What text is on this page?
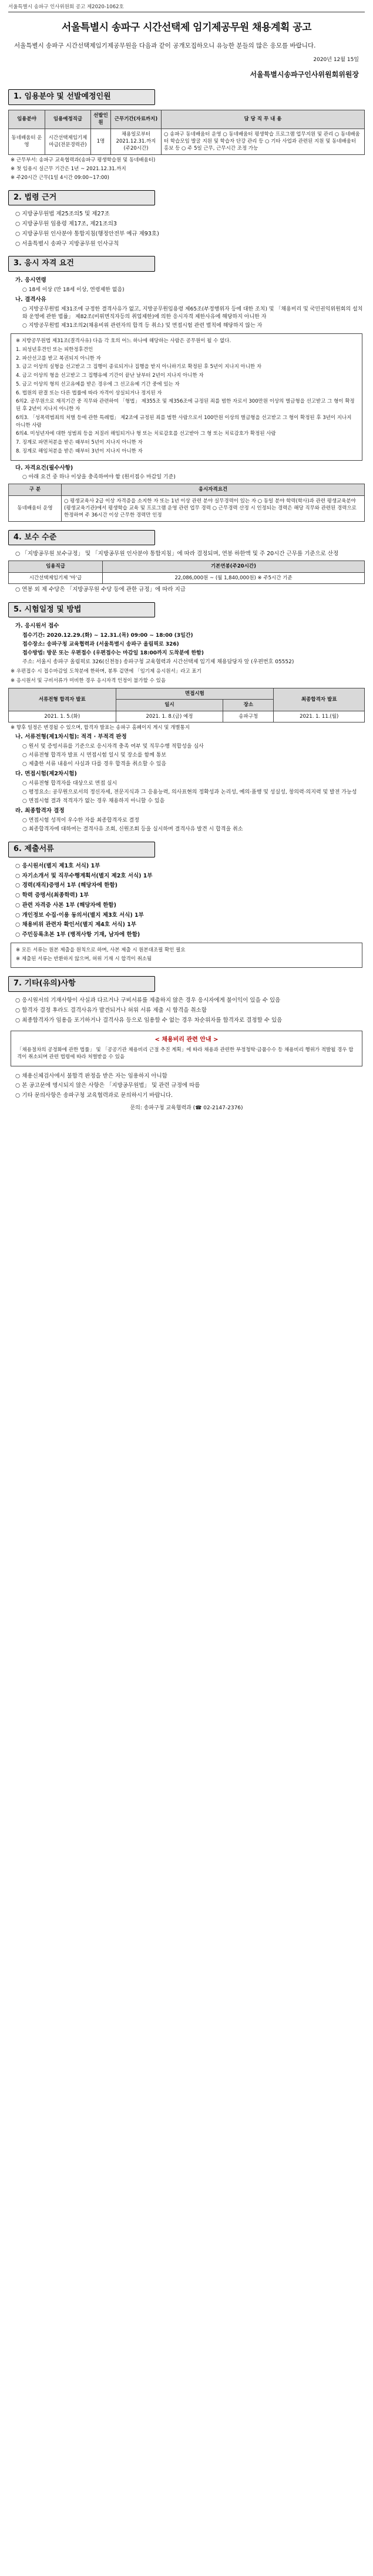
서울특별시 송파구 인사위원회 공고 제2020-1062호
서울특별시 송파구 시간선택제 임기제공무원 채용계획 공고
서울특별시 송파구 시간선택제임기제공무원을 다음과 같이 공개모집하오니 유능한 분들의 많은 응모를 바랍니다.
2020년 12월 15일
서울특별시송파구인사위원회위원장
1. 임용분야 및 선발예정인원
임용분야	임용예정직급	선발인원	근무기간(자료까지)	담 당 직 무 내 용
동네배움터 운영	시간선택제임기제 마급(전문경력관)	1명	채용일로부터 2021.12.31.까지(주20시간)	○ 송파구 동네배움터 운영 ○ 동네배움터 평생학습 프로그램 업무지원 및 관리 ○ 동네배움터 학습모임 발굴 지원 및 학습자 단강 관리 등 ○ 기타 사업과 관련된 지원 및 동네배움터 홍보 등 ○ 주 5일 근무, 근무시간 조정 가능
※ 근무부서: 송파구 교육협력과(송파구 평생학습원 및 동네배움터)
※ 첫 임용시 실근무 기간은 1년 ~ 2021.12.31.까지
※ 주20시간 근무(1일 4시간 09:00~17:00)
2. 법령 근거
○ 지방공무원법 제25조의5 및 제27조
○ 지방공무원 임용령 제17조, 제21조의3
○ 지방공무원 인사분야 통합지침(행정안전부 예규 제93호)
○ 서울특별시 송파구 지방공무원 인사규칙
3. 응시 자격 요건
가. 응시연령
○ 18세 이상 (만 18세 이상, 연령제한 없음)
나. 결격사유
○ 지방공무원법 제31조에 규정한 결격사유가 없고, 지방공무원임용령 제65조(부정행위자 등에 대한 조치) 및 「채용비리 및 국민권익위원회의 설치와 운영에 관한 법률」 제82조(비위면직자등의 취업제한)에 의한 응시자격 제한사유에 해당하지 아니한 자
○ 지방공무원법 제31조의2(채용비위 관련자의 합격 등 취소) 및 면접시험 관련 벌칙에 해당하지 않는 자

※ 지방공무원법 제31조(결격사유) 다음 각 호의 어느 하나에 해당하는 사람은 공무원이 될 수 없다.

1. 피성년후견인 또는 피한정후견인

2. 파산선고를 받고 복권되지 아니한 자

3. 금고 이상의 실형을 선고받고 그 집행이 종료되거나 집행을 받지 아니하기로 확정된 후 5년이 지나지 아니한 자

4. 금고 이상의 형을 선고받고 그 집행유예 기간이 끝난 날부터 2년이 지나지 아니한 자

5. 금고 이상의 형의 선고유예를 받은 경우에 그 선고유예 기간 중에 있는 자

6. 법원의 판결 또는 다른 법률에 따라 자격이 상실되거나 정지된 자

6의2. 공무원으로 재직기간 중 직무와 관련하여 「형법」 제355조 및 제356조에 규정된 죄를 범한 자로서 300만원 이상의 벌금형을 선고받고 그 형이 확정된 후 2년이 지나지 아니한 자

6의3. 「성폭력범죄의 처벌 등에 관한 특례법」 제2조에 규정된 죄를 범한 사람으로서 100만원 이상의 벌금형을 선고받고 그 형이 확정된 후 3년이 지나지 아니한 사람

6의4. 미성년자에 대한 성범죄 등을 저질러 해임되거나 형 또는 치료감호를 선고받아 그 형 또는 치료감호가 확정된 사람

7. 징계로 파면처분을 받은 때부터 5년이 지나지 아니한 자

8. 징계로 해임처분을 받은 때부터 3년이 지나지 아니한 자

다. 자격요건(필수사항)
○ 아래 요건 중 하나 이상을 충족하여야 함 (원서접수 마감일 기준)
구 분	응시자격요건
동네배움터 운영	○ 평생교육사 2급 이상 자격증을 소지한 자 또는 1년 이상 관련 분야 실무경력이 있는 자 ○ 동일 분야 학력(학사)과 관련 평생교육분야(평생교육기관)에서 평생학습 교육 및 프로그램 운영 관련 업무 경력 ○ 근무경력 산정 시 인정되는 경력은 해당 직무와 관련된 경력으로 한정하며 주 36시간 이상 근무한 경력만 인정
4. 보수 수준
○ 「지방공무원 보수규정」 및 「지방공무원 인사분야 통합지침」에 따라 결정되며, 연봉 하한액 및 주 20시간 근무를 기준으로 산정
임용직급	기본연봉(주20시간)
시간선택제임기제 '마'급	22,086,000원 ~ (월 1,840,000원) ※ 주5시간 기준
○ 연봉 외 제 수당은 「지방공무원 수당 등에 관한 규정」에 따라 지급
5. 시험일정 및 방법
가. 응시원서 접수
접수기간: 2020.12.29.(화) ~ 12.31.(목) 09:00 ~ 18:00 (3일간)
접수장소: 송파구청 교육협력과 (서울특별시 송파구 올림픽로 326)
접수방법: 방문 또는 우편접수 (우편접수는 마감일 18:00까지 도착분에 한함)
주소: 서울시 송파구 올림픽로 326(신천동) 송파구청 교육협력과 시간선택제 임기제 채용담당자 앞 (우편번호 05552)
※ 우편접수 시 접수마감일 도착분에 한하며, 봉투 겉면에 「임기제 응시원서」라고 표기
※ 응시원서 및 구비서류가 미비한 경우 응시자격 인정이 불가할 수 있음
서류전형 합격자 발표	면접시험		최종합격자 발표
	일시	장소	
2021. 1. 5.(화)	2021. 1. 8.(금) 예정	송파구청	2021. 1. 11.(월)
※ 향후 일정은 변경될 수 있으며, 합격자 발표는 송파구 홈페이지 게시 및 개별통지
나. 서류전형(제1차시험): 적격 · 부적격 판정
○ 원서 및 증빙서류를 기준으로 응시자격 충족 여부 및 직무수행 적합성을 심사
○ 서류전형 합격자 발표 시 면접시험 일시 및 장소를 함께 통보
○ 제출한 서류 내용이 사실과 다를 경우 합격을 취소할 수 있음
다. 면접시험(제2차시험)
○ 서류전형 합격자를 대상으로 면접 실시
○ 평정요소: 공무원으로서의 정신자세, 전문지식과 그 응용능력, 의사표현의 정확성과 논리성, 예의·품행 및 성실성, 창의력·의지력 및 발전 가능성
○ 면접시험 결과 적격자가 없는 경우 채용하지 아니할 수 있음
라. 최종합격자 결정
○ 면접시험 성적이 우수한 자를 최종합격자로 결정
○ 최종합격자에 대하여는 결격사유 조회, 신원조회 등을 실시하며 결격사유 발견 시 합격을 취소
6. 제출서류
○ 응시원서(별지 제1호 서식) 1부
○ 자기소개서 및 직무수행계획서(별지 제2호 서식) 1부
○ 경력(재직)증명서 1부 (해당자에 한함)
○ 학력 증명서(최종학력) 1부
○ 관련 자격증 사본 1부 (해당자에 한함)
○ 개인정보 수집·이용 동의서(별지 제3호 서식) 1부
○ 채용비위 관련자 확인서(별지 제4호 서식) 1부
○ 주민등록초본 1부 (병적사항 기재, 남자에 한함)

※ 모든 서류는 원본 제출을 원칙으로 하며, 사본 제출 시 원본대조필 확인 필요

※ 제출된 서류는 반환하지 않으며, 허위 기재 시 합격이 취소됨

7. 기타(유의)사항
○ 응시원서의 기재사항이 사실과 다르거나 구비서류를 제출하지 않은 경우 응시자에게 불이익이 있을 수 있음
○ 합격자 결정 후라도 결격사유가 발견되거나 허위 서류 제출 시 합격을 취소함
○ 최종합격자가 임용을 포기하거나 결격사유 등으로 임용할 수 없는 경우 차순위자를 합격자로 결정할 수 있음
< 채용비리 관련 안내 >
「채용절차의 공정화에 관한 법률」 및 「공공기관 채용비리 근절 추진 계획」에 따라 채용과 관련한 부정청탁·금품수수 등 채용비리 행위가 적발될 경우 합격이 취소되며 관련 법령에 따라 처벌받을 수 있음
○ 채용신체검사에서 불합격 판정을 받은 자는 임용하지 아니함
○ 본 공고문에 명시되지 않은 사항은 「지방공무원법」 및 관련 규정에 따름
○ 기타 문의사항은 송파구청 교육협력과로 문의하시기 바랍니다.
문의: 송파구청 교육협력과 (☎ 02-2147-2376)
